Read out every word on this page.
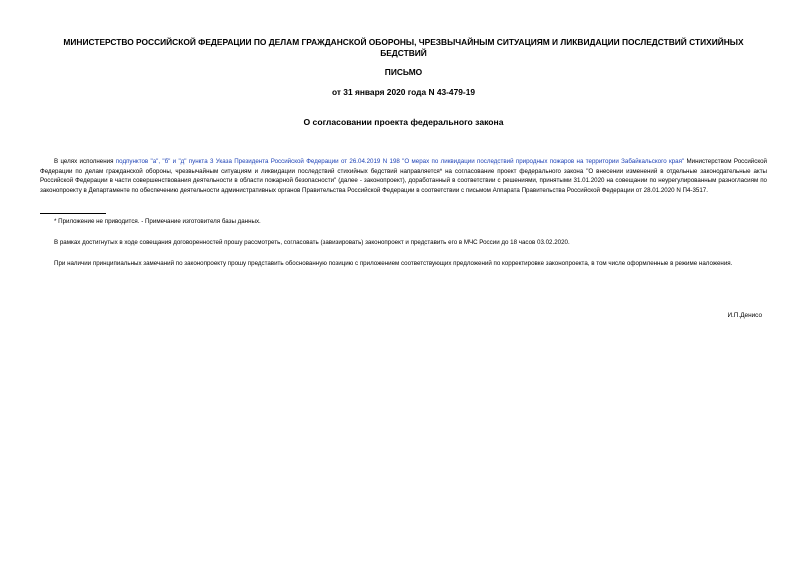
МИНИСТЕРСТВО РОССИЙСКОЙ ФЕДЕРАЦИИ ПО ДЕЛАМ ГРАЖДАНСКОЙ ОБОРОНЫ, ЧРЕЗВЫЧАЙНЫМ СИТУАЦИЯМ И ЛИКВИДАЦИИ ПОСЛЕДСТВИЙ СТИХИЙНЫХ БЕДСТВИЙ
ПИСЬМО
от 31 января 2020 года N 43-479-19
О согласовании проекта федерального закона
В целях исполнения подпунктов "а", "б" и "д" пункта 3 Указа Президента Российской Федерации от 26.04.2019 N 198 "О мерах по ликвидации последствий природных пожаров на территории Забайкальского края" Министерством Российской Федерации по делам гражданской обороны, чрезвычайным ситуациям и ликвидации последствий стихийных бедствий направляется* на согласование проект федерального закона "О внесении изменений в отдельные законодательные акты Российской Федерации в части совершенствования деятельности в области пожарной безопасности" (далее - законопроект), доработанный в соответствии с решениями, принятыми 31.01.2020 на совещании по неурегулированным разногласиям по законопроекту в Департаменте по обеспечению деятельности административных органов Правительства Российской Федерации в соответствии с письмом Аппарата Правительства Российской Федерации от 28.01.2020 N П4-3517.
* Приложение не приводится. - Примечание изготовителя базы данных.
В рамках достигнутых в ходе совещания договоренностей прошу рассмотреть, согласовать (завизировать) законопроект и представить его в МЧС России до 18 часов 03.02.2020.
При наличии принципиальных замечаний по законопроекту прошу представить обоснованную позицию с приложением соответствующих предложений по корректировке законопроекта, в том числе оформленные в режиме наложения.
И.П.Денисо
